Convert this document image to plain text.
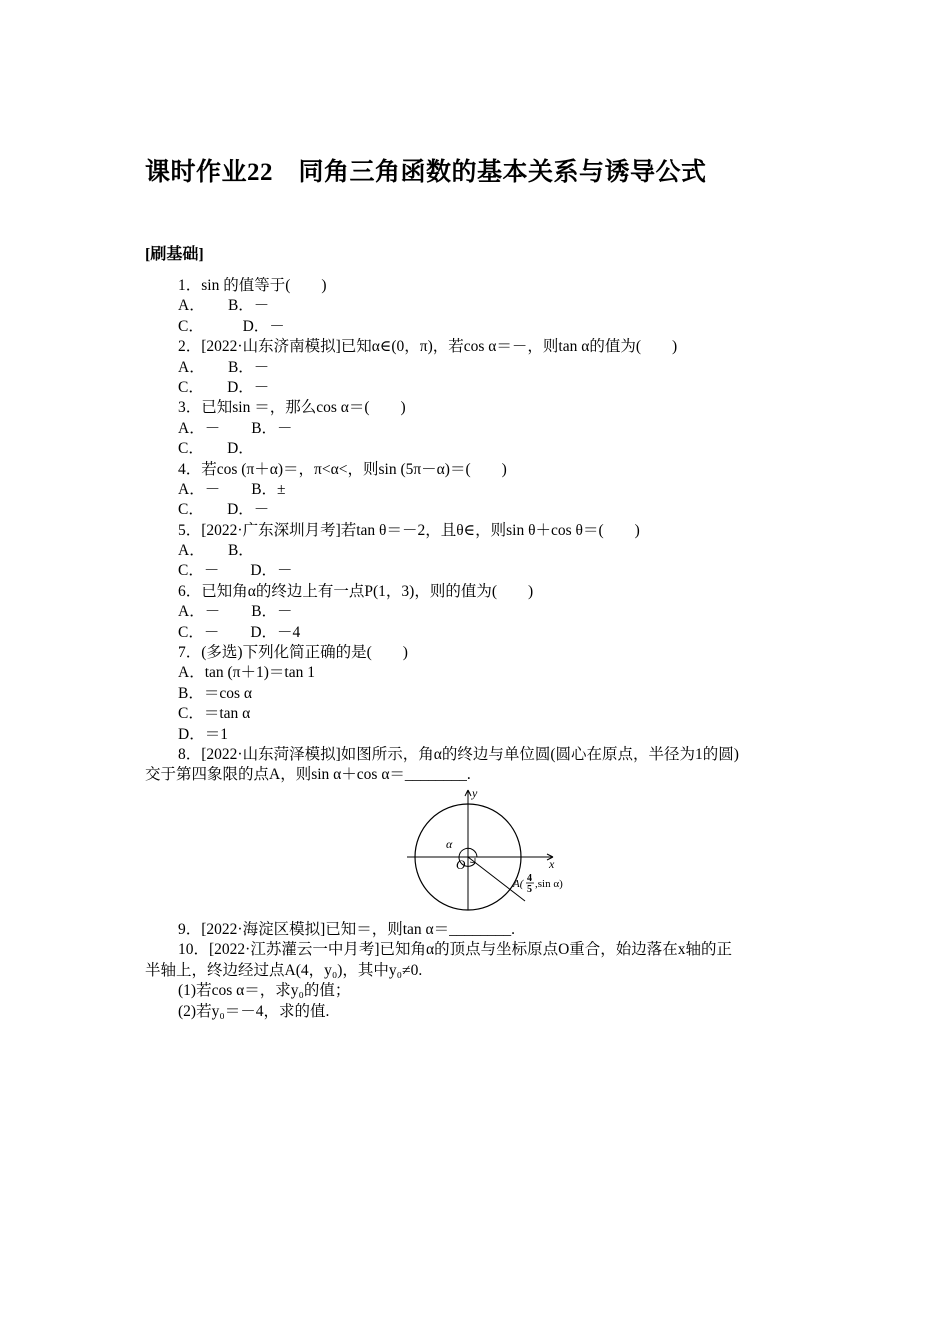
课时作业22　同角三角函数的基本关系与诱导公式
[刷基础]
1．sin 的值等于(　　)
A．　　B．－
C．　　　D．－
2．[2022·山东济南模拟]已知α∈(0，π)，若cos α＝－，则tan α的值为(　　)
A．　　B．－
C．　　D．－
3．已知sin ＝，那么cos α＝(　　)
A．－　　B．－
C．　　D．
4．若cos (π＋α)＝，π<α<，则sin (5π－α)＝(　　)
A．－　　B．±
C．　　D．－
5．[2022·广东深圳月考]若tan θ＝－2，且θ∈，则sin θ＋cos θ＝(　　)
A．　　B．
C．－　　D．－
6．已知角α的终边上有一点P(1，3)，则的值为(　　)
A．－　　B．－
C．－　　D．－4
7．(多选)下列化简正确的是(　　)
A．tan (π＋1)＝tan 1
B．＝cos α
C．＝tan α
D．＝1
8．[2022·山东菏泽模拟]如图所示，角α的终边与单位圆(圆心在原点，半径为1的圆)
交于第四象限的点A，则sin α＋cos α＝________.
y
x
O
α
A( 4
5 ,sin α)
9．[2022·海淀区模拟]已知＝，则tan α＝________.
10．[2022·江苏灌云一中月考]已知角α的顶点与坐标原点O重合，始边落在x轴的正
半轴上，终边经过点A(4，y₀)，其中y₀≠0.
(1)若cos α＝，求y₀的值；
(2)若y₀＝－4，求的值.
